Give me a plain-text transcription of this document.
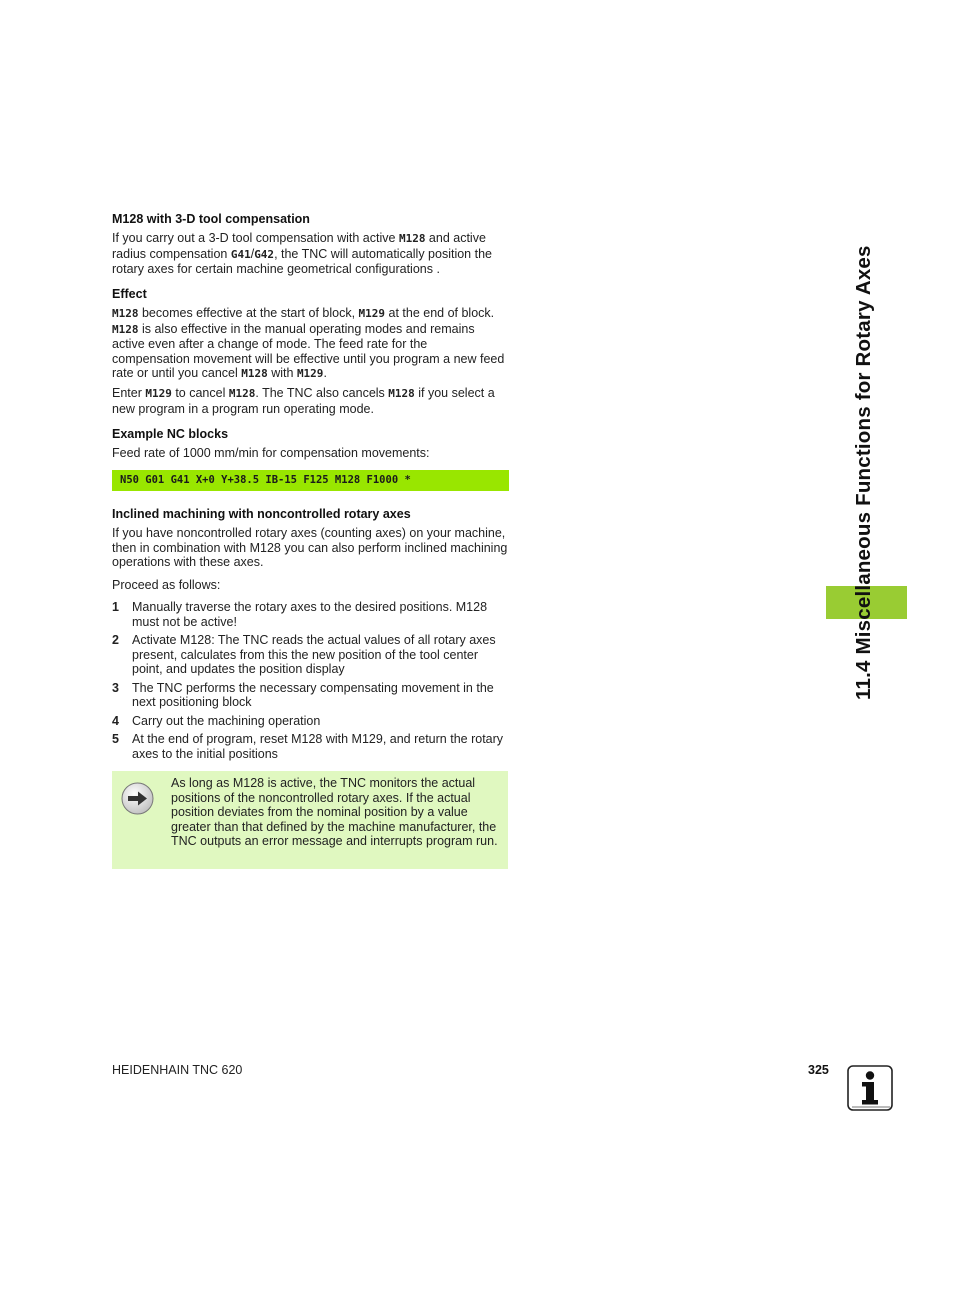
11.4 Miscellaneous Functions for Rotary Axes

M128 with 3-D tool compensation

If you carry out a 3-D tool compensation with active M128 and active radius compensation G41/G42, the TNC will automatically position the rotary axes for certain machine geometrical configurations .

Effect

M128 becomes effective at the start of block, M129 at the end of block. M128 is also effective in the manual operating modes and remains active even after a change of mode. The feed rate for the compensation movement will be effective until you program a new feed rate or until you cancel M128 with M129.

Enter M129 to cancel M128. The TNC also cancels M128 if you select a new program in a program run operating mode.

Example NC blocks

Feed rate of 1000 mm/min for compensation movements:

N50 G01 G41 X+0 Y+38.5 IB-15 F125 M128 F1000 *

Inclined machining with noncontrolled rotary axes

If you have noncontrolled rotary axes (counting axes) on your machine, then in combination with M128 you can also perform inclined machining operations with these axes.

Proceed as follows:

1	Manually traverse the rotary axes to the desired positions. M128 must not be active!
2	Activate M128: The TNC reads the actual values of all rotary axes present, calculates from this the new position of the tool center point, and updates the position display
3	The TNC performs the necessary compensating movement in the next positioning block
4	Carry out the machining operation
5	At the end of program, reset M128 with M129, and return the rotary axes to the initial positions
As long as M128 is active, the TNC monitors the actual positions of the noncontrolled rotary axes. If the actual position deviates from the nominal position by a value greater than that defined by the machine manufacturer, the TNC outputs an error message and interrupts program run.
HEIDENHAIN TNC 620	325
